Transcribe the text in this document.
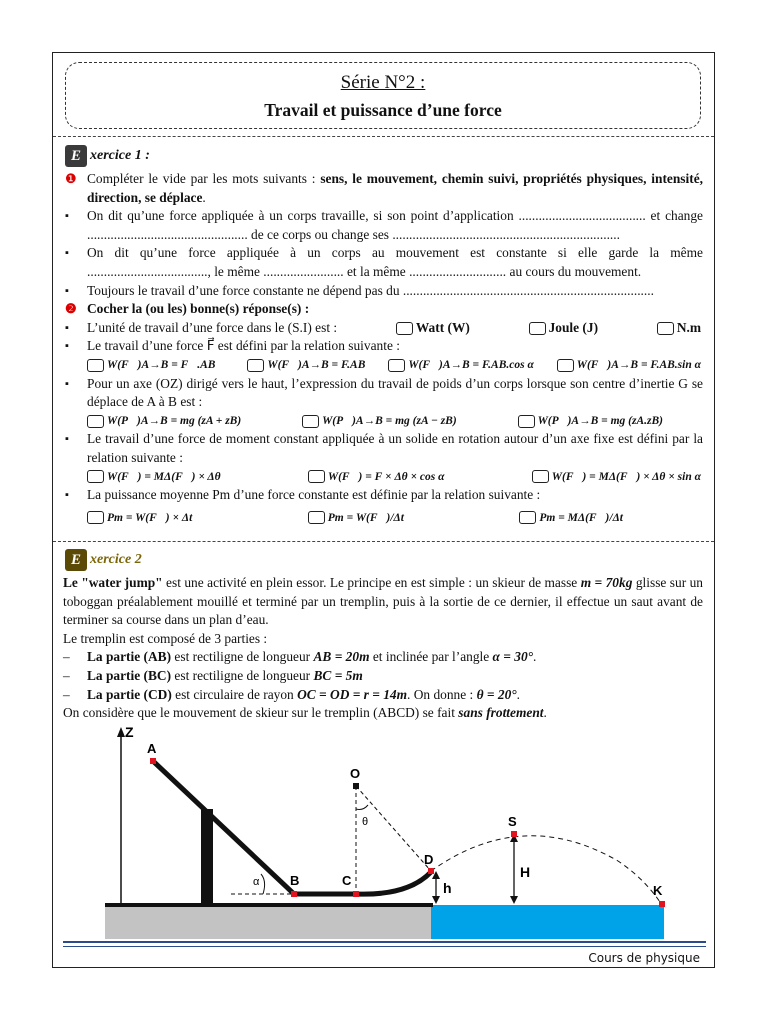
Série N°2 :
Travail et puissance d’une force
E xercice 1 :
❶ Compléter le vide par les mots suivants : sens, le mouvement, chemin suivi, propriétés physiques, intensité, direction, se déplace.
▪ On dit qu’une force appliquée à un corps travaille, si son point d’application ...................................... et change ................................................ de ce corps ou change ses ....................................................................
▪ On dit qu’une force appliquée à un corps au mouvement est constante si elle garde la même ...................................., le même ........................ et la même ............................. au cours du mouvement.
▪ Toujours le travail d’une force constante ne dépend pas du ...........................................................................
❷ Cocher la (ou les) bonne(s) réponse(s) :
▪ L’unité de travail d’une force dans le (S.I) est :	Watt (W)	Joule (J)	N.m
▪ Le travail d’une force F⃗ est défini par la relation suivante :
W(F⃗)A→B = F⃗.AB⃗	W(F⃗)A→B = F.AB	W(F⃗)A→B = F.AB.cos α	W(F⃗)A→B = F.AB.sin α
▪ Pour un axe (OZ) dirigé vers le haut, l’expression du travail de poids d’un corps lorsque son centre d’inertie G se déplace de A à B est :
W(P⃗)A→B = mg (zA + zB)	W(P⃗)A→B = mg (zA − zB)	W(P⃗)A→B = mg (zA.zB)
▪ Le travail d’une force de moment constant appliquée à un solide en rotation autour d’un axe fixe est défini par la relation suivante :
W(F⃗) = MΔ(F⃗) × Δθ	W(F⃗) = F × Δθ × cos α	W(F⃗) = MΔ(F⃗) × Δθ × sin α
▪ La puissance moyenne Pm d’une force constante est définie par la relation suivante :
Pm = W(F⃗) × Δt	Pm = W(F⃗)/Δt	Pm = MΔ(F⃗)/Δt
E xercice 2
Le "water jump" est une activité en plein essor. Le principe en est simple : un skieur de masse m = 70kg glisse sur un toboggan préalablement mouillé et terminé par un tremplin, puis à la sortie de ce dernier, il effectue un saut avant de terminer sa course dans un plan d’eau.
Le tremplin est composé de 3 parties :
– La partie (AB) est rectiligne de longueur AB = 20m et inclinée par l’angle α = 30°.
– La partie (BC) est rectiligne de longueur BC = 5m
– La partie (CD) est circulaire de rayon OC = OD = r = 14m. On donne : θ = 20°.
On considère que le mouvement de skieur sur le tremplin (ABCD) se fait sans frottement.
Z
α
θ
H
h
A
B	C
D
O
S
K
Cours de physique
